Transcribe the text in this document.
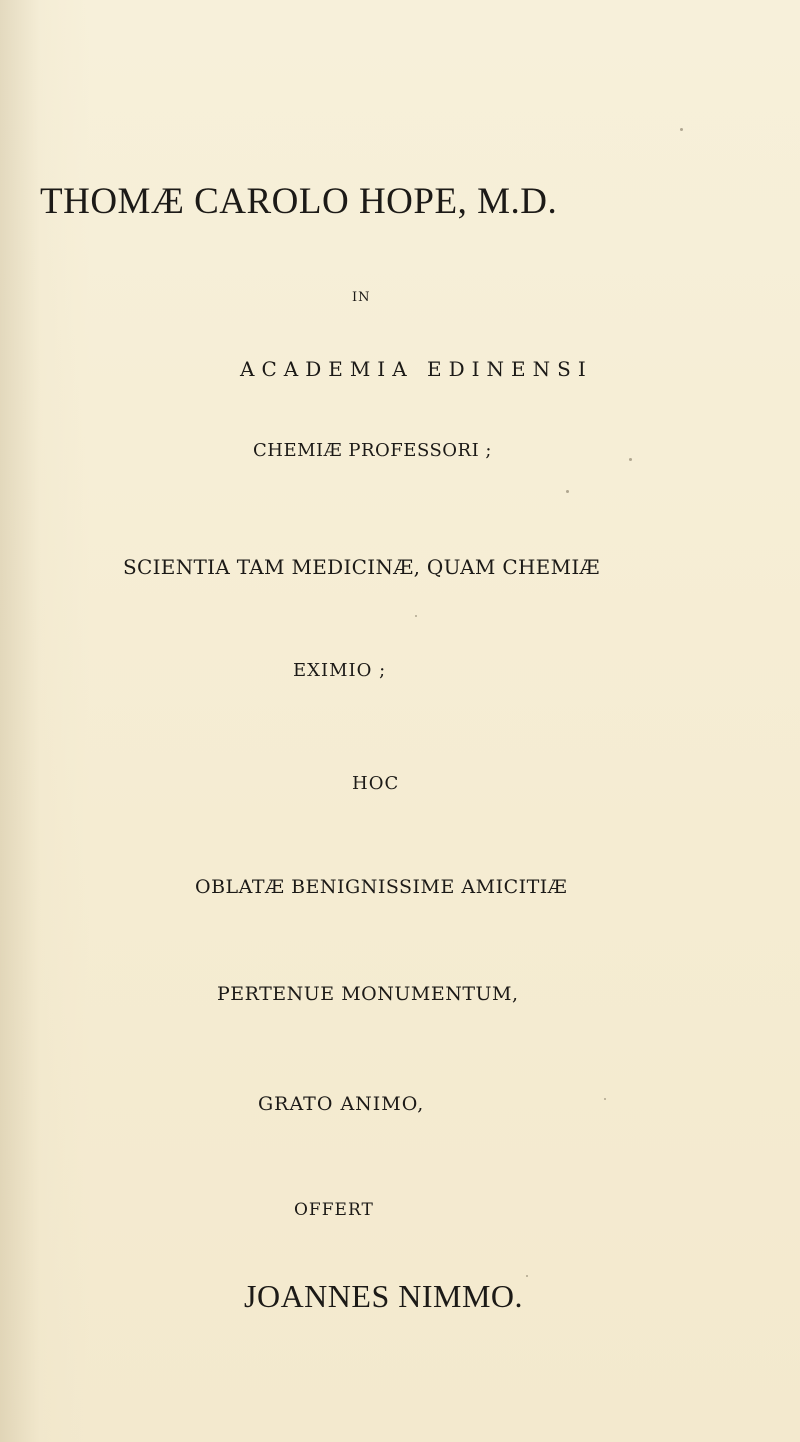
THOMÆ CAROLO HOPE, M.D.
IN
ACADEMIA EDINENSI
CHEMIÆ PROFESSORI ;
SCIENTIA TAM MEDICINÆ, QUAM CHEMIÆ
EXIMIO ;
HOC
OBLATÆ BENIGNISSIME AMICITIÆ
PERTENUE MONUMENTUM,
GRATO ANIMO,
OFFERT
JOANNES NIMMO.
